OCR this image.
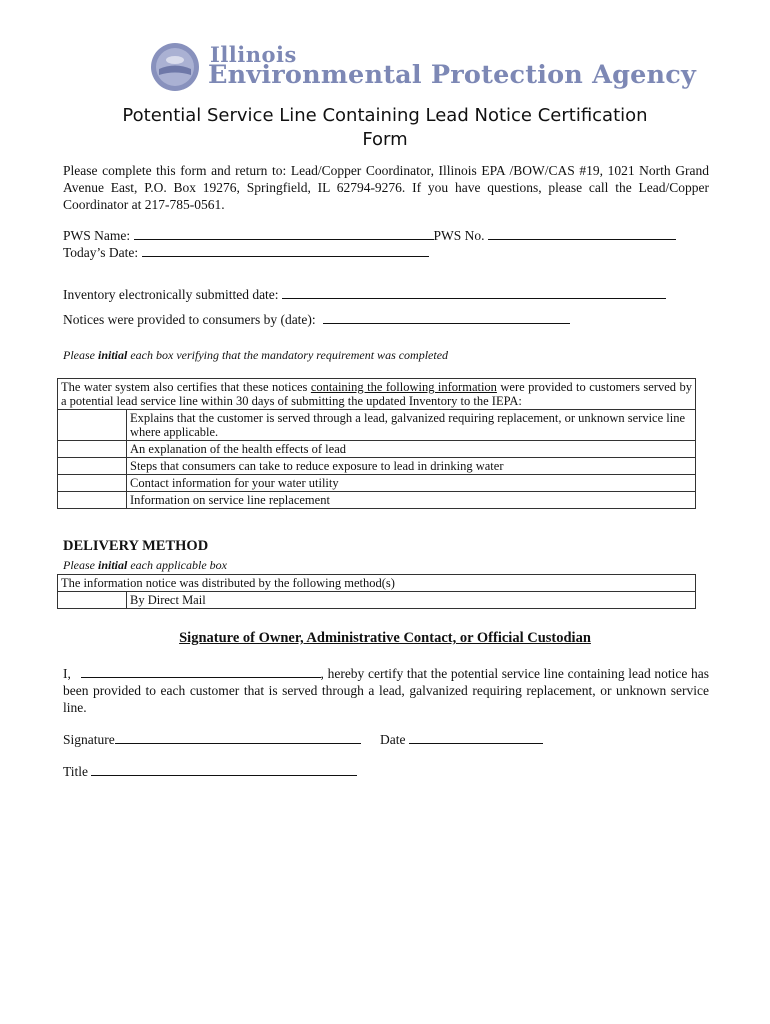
Illinois
Environmental Protection Agency
Potential Service Line Containing Lead Notice Certification
Form
Please complete this form and return to: Lead/Copper Coordinator, Illinois EPA /BOW/CAS #19, 1021 North Grand Avenue East, P.O. Box 19276, Springfield, IL 62794-9276. If you have questions, please call the Lead/Copper Coordinator at 217-785-0561.
PWS Name:	PWS No.
Today’s Date:
Inventory electronically submitted date:
Notices were provided to consumers by (date):
Please initial each box verifying that the mandatory requirement was completed
The water system also certifies that these notices containing the following information were provided to customers served by a potential lead service line within 30 days of submitting the updated Inventory to the IEPA:	
	Explains that the customer is served through a lead, galvanized requiring replacement, or unknown service line where applicable.
	An explanation of the health effects of lead
	Steps that consumers can take to reduce exposure to lead in drinking water
	Contact information for your water utility
	Information on service line replacement
DELIVERY METHOD
Please initial each applicable box
The information notice was distributed by the following method(s)
	By Direct Mail
Signature of Owner, Administrative Contact, or Official Custodian
I,	, hereby certify that the potential service line containing lead notice has been provided to each customer that is served through a lead, galvanized requiring replacement, or unknown service line.
Signature	Date
Title
